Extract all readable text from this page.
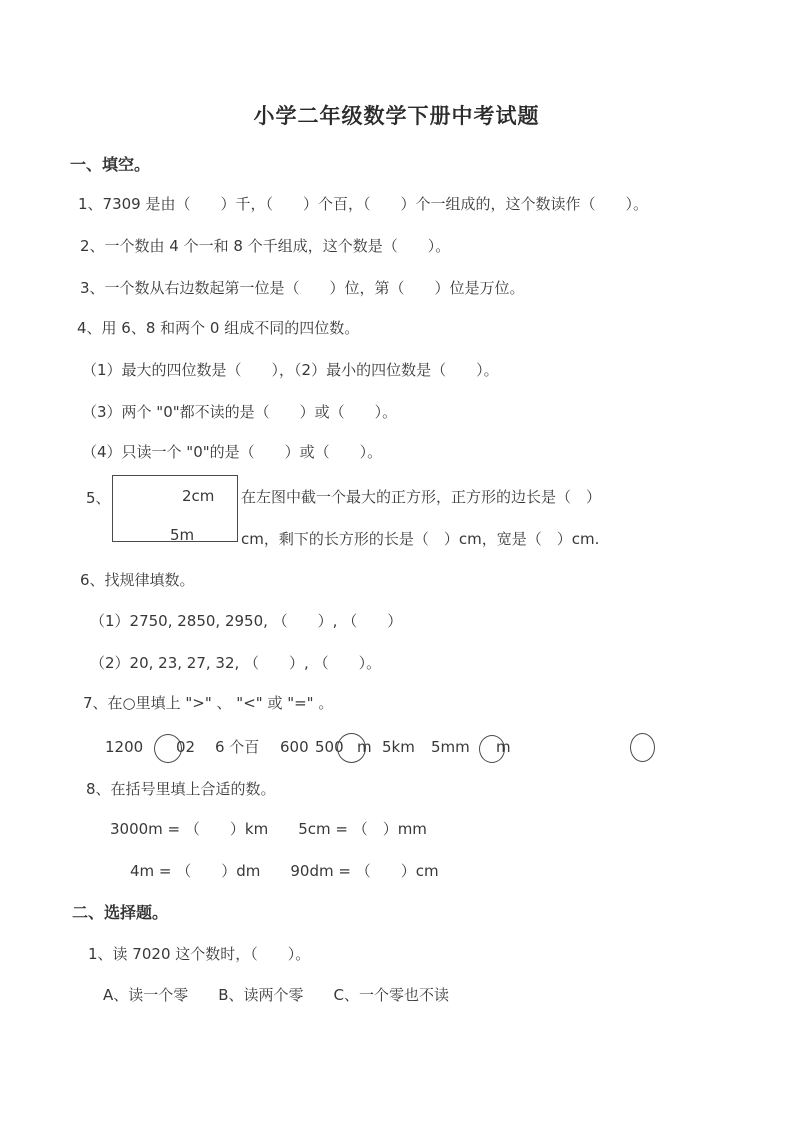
小学二年级数学下册中考试题
一、填空。
1、7309 是由（　　）千，（　　）个百，（　　）个一组成的，这个数读作（　　）。
2、一个数由 4 个一和 8 个千组成，这个数是（　　）。
3、一个数从右边数起第一位是（　　）位，第（　　）位是万位。
4、用 6、8 和两个 0 组成不同的四位数。
（1）最大的四位数是（　　），（2）最小的四位数是（　　）。
（3）两个 "0"都不读的是（　　）或（　　）。
（4）只读一个 "0"的是（　　）或（　　）。
5、	2cm
5m
在左图中截一个最大的正方形，正方形的边长是（　）
cm，剩下的长方形的长是（　）cm，宽是（　）cm.
6、找规律填数。
（1）2750, 2850, 2950, （　　）, （　　）
（2）20, 23, 27, 32, （　　）, （　　）。
7、在○里填上 ">" 、 "<" 或 "=" 。
1200 02 6 个百 600 500 m 5km 5mm m
8、在括号里填上合适的数。
3000m = （　　）km　　5cm = （　）mm
4m = （　　）dm　　90dm = （　　）cm
二、选择题。
1、读 7020 这个数时，（　　）。
A、读一个零　　B、读两个零　　C、一个零也不读
